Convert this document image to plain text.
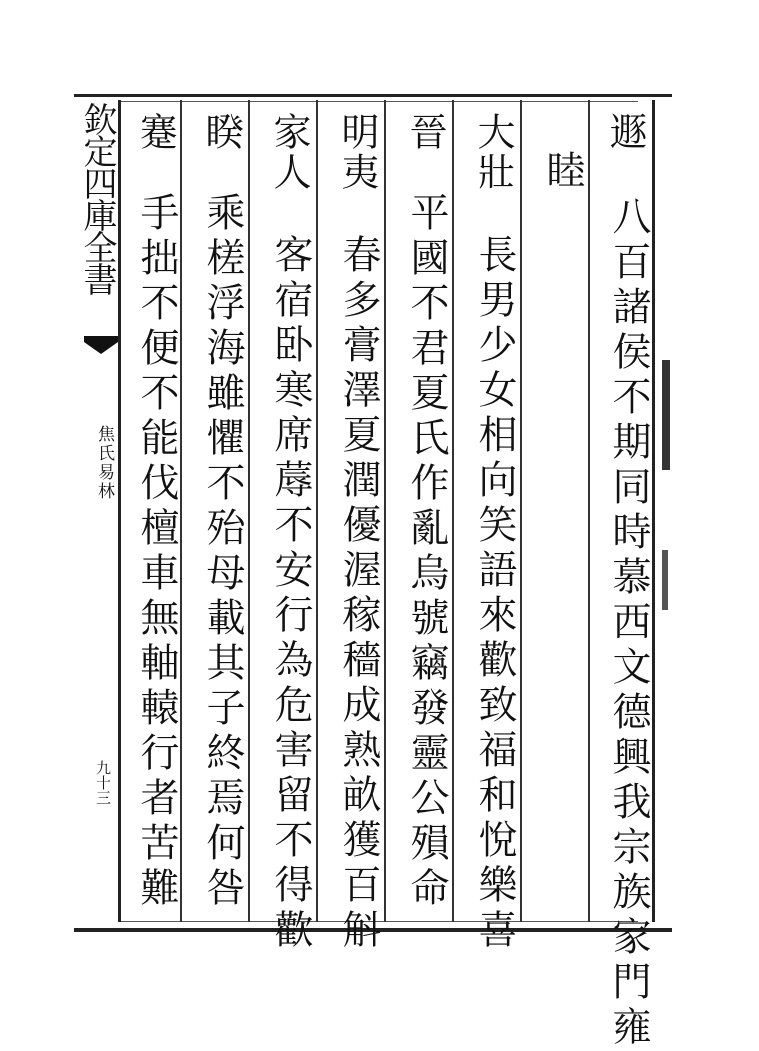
欽定四庫全書
焦氏易林
九十三
遯
八百諸侯不期同時慕西文德興我宗族家門雍
睦
大壯
長男少女相向笑語來歡致福和悅樂喜
晉
平國不君夏氏作亂烏號竊發靈公殞命
明夷
春多膏澤夏潤優渥稼穡成熟畝獲百斛
家人
客宿卧寒席蓐不安行為危害留不得歡
睽
乘槎浮海雖懼不殆母載其子終焉何咎
蹇
手拙不便不能伐檀車無軸轅行者苦難
